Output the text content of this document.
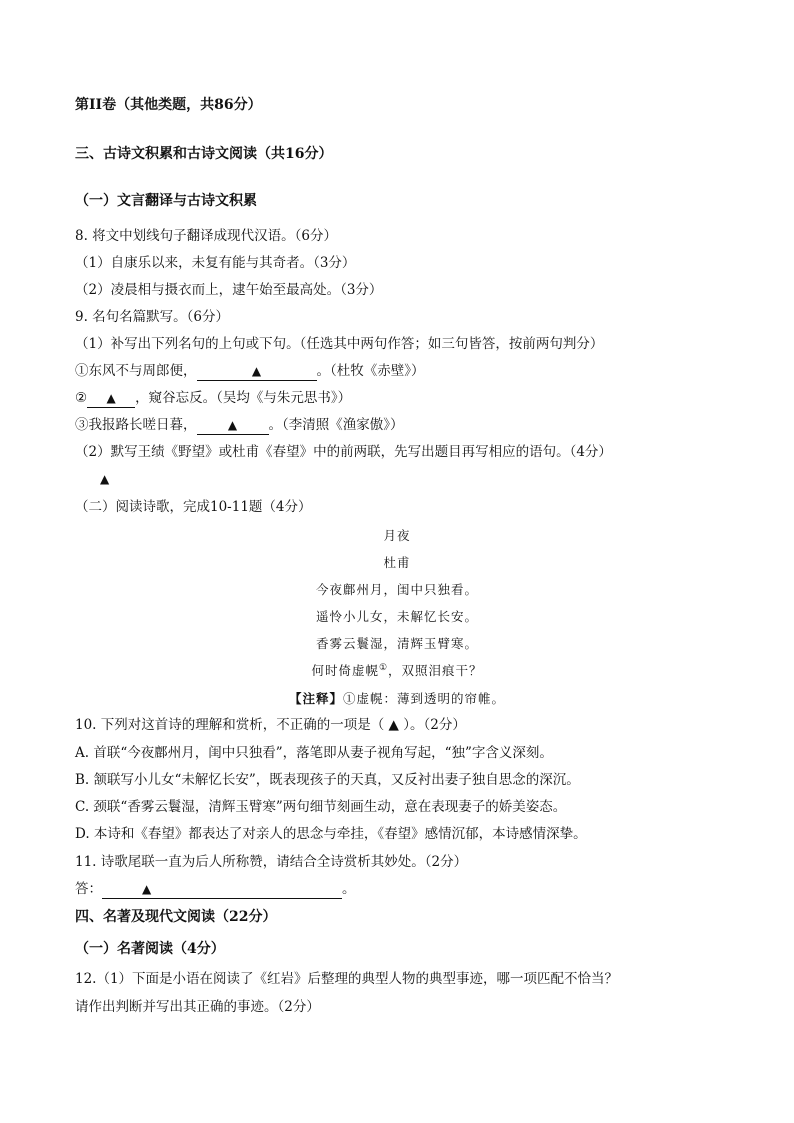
第II卷（其他类题，共86分）
三、古诗文积累和古诗文阅读（共16分）
（一）文言翻译与古诗文积累
8. 将文中划线句子翻译成现代汉语。（6分）
（1）自康乐以来，未复有能与其奇者。（3分）
（2）凌晨相与摄衣而上，逮午始至最高处。（3分）
9. 名句名篇默写。（6分）
（1）补写出下列名句的上句或下句。（任选其中两句作答；如三句皆答，按前两句判分）
①东风不与周郎便，	▲	。（杜牧《赤壁》）
② ▲ ，窥谷忘反。（吴均《与朱元思书》）
③我报路长嗟日暮，	▲ 。（李清照《渔家傲》）
（2）默写王绩《野望》或杜甫《春望》中的前两联，先写出题目再写相应的语句。（4分）
▲
（二）阅读诗歌，完成10-11题（4分）
月夜
杜甫
今夜鄜州月，闺中只独看。
遥怜小儿女，未解忆长安。
香雾云鬟湿，清辉玉臂寒。
何时倚虚幌①，双照泪痕干？
【注释】①虚幌：薄到透明的帘帷。
10. 下列对这首诗的理解和赏析，不正确的一项是（ ▲ ）。（2分）
A. 首联“今夜鄜州月，闺中只独看”，落笔即从妻子视角写起，“独”字含义深刻。
B. 颔联写小儿女“未解忆长安”，既表现孩子的天真，又反衬出妻子独自思念的深沉。
C. 颈联“香雾云鬟湿，清辉玉臂寒”两句细节刻画生动，意在表现妻子的娇美姿态。
D. 本诗和《春望》都表达了对亲人的思念与牵挂，《春望》感情沉郁，本诗感情深挚。
11. 诗歌尾联一直为后人所称赞，请结合全诗赏析其妙处。（2分）
答：	▲	。
四、名著及现代文阅读（22分）
（一）名著阅读（4分）
12.（1）下面是小语在阅读了《红岩》后整理的典型人物的典型事迹，哪一项匹配不恰当？
请作出判断并写出其正确的事迹。（2分）
